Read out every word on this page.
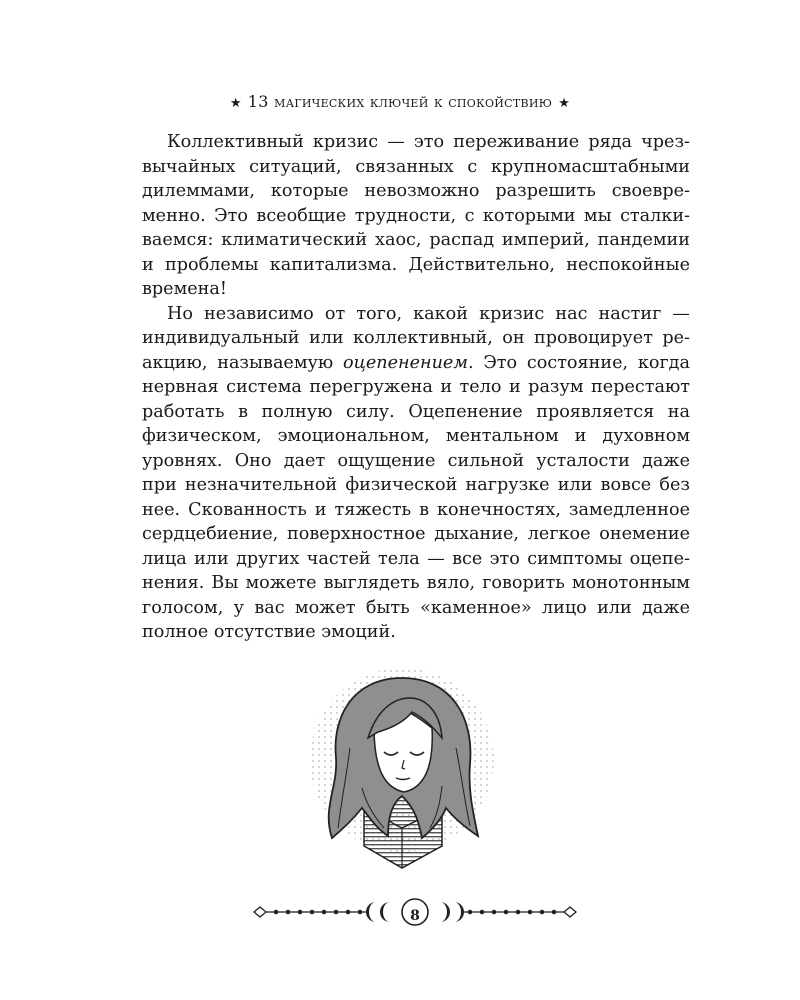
★ 13 магических ключей к спокойствию ★
Коллективный кризис — это переживание ряда чрез-
вычайных ситуаций, связанных с крупномасштабными
дилеммами, которые невозможно разрешить своевре-
менно. Это всеобщие трудности, с которыми мы сталки-
ваемся: климатический хаос, распад империй, пандемии
и проблемы капитализма. Действительно, неспокойные
времена!
Но независимо от того, какой кризис нас настиг —
индивидуальный или коллективный, он провоцирует ре-
акцию, называемую оцепенением. Это состояние, когда
нервная система перегружена и тело и разум перестают
работать в полную силу. Оцепенение проявляется на
физическом, эмоциональном, ментальном и духовном
уровнях. Оно дает ощущение сильной усталости даже
при незначительной физической нагрузке или вовсе без
нее. Скованность и тяжесть в конечностях, замедленное
сердцебиение, поверхностное дыхание, легкое онемение
лица или других частей тела — все это симптомы оцепе-
нения. Вы можете выглядеть вяло, говорить монотонным
голосом, у вас может быть «каменное» лицо или даже
полное отсутствие эмоций.
8
